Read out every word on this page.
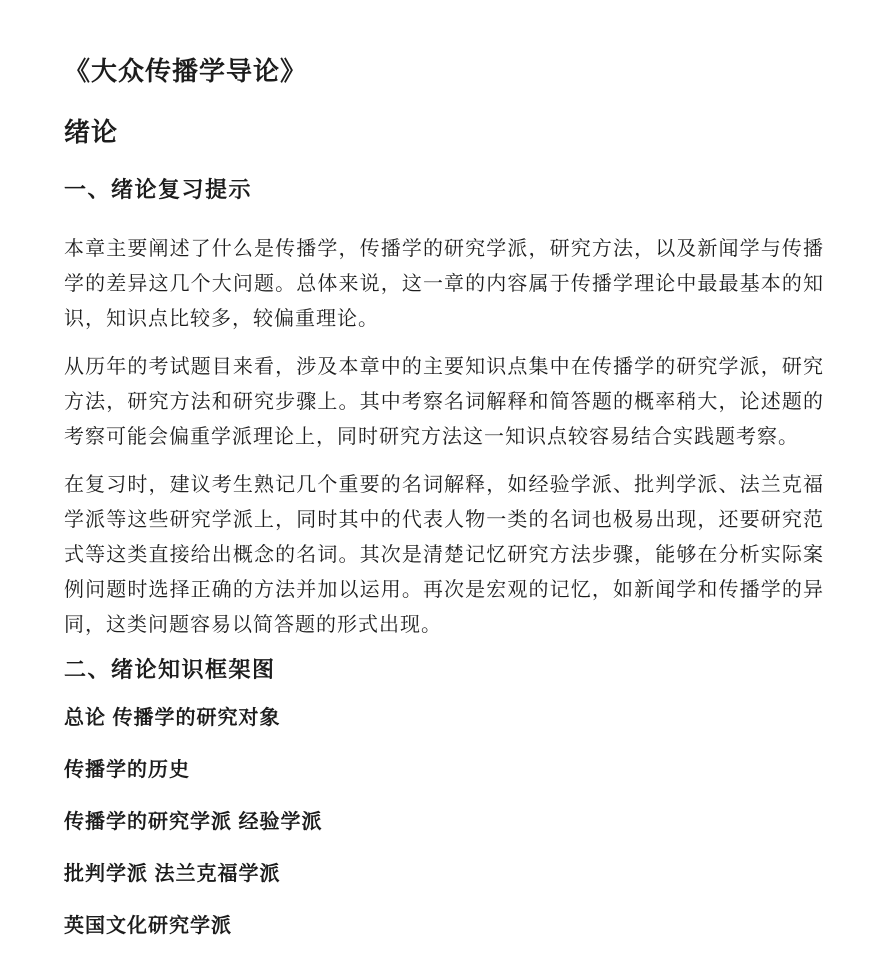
《大众传播学导论》
绪论
一、绪论复习提示

本章主要阐述了什么是传播学，传播学的研究学派，研究方法，以及新闻学与传播学的差异这几个大问题。总体来说，这一章的内容属于传播学理论中最最基本的知识，知识点比较多，较偏重理论。

从历年的考试题目来看，涉及本章中的主要知识点集中在传播学的研究学派，研究方法，研究方法和研究步骤上。其中考察名词解释和简答题的概率稍大，论述题的考察可能会偏重学派理论上，同时研究方法这一知识点较容易结合实践题考察。

在复习时，建议考生熟记几个重要的名词解释，如经验学派、批判学派、法兰克福学派等这些研究学派上，同时其中的代表人物一类的名词也极易出现，还要研究范式等这类直接给出概念的名词。其次是清楚记忆研究方法步骤，能够在分析实际案例问题时选择正确的方法并加以运用。再次是宏观的记忆，如新闻学和传播学的异同，这类问题容易以简答题的形式出现。

二、绪论知识框架图
总论 传播学的研究对象
传播学的历史
传播学的研究学派 经验学派
批判学派 法兰克福学派
英国文化研究学派
